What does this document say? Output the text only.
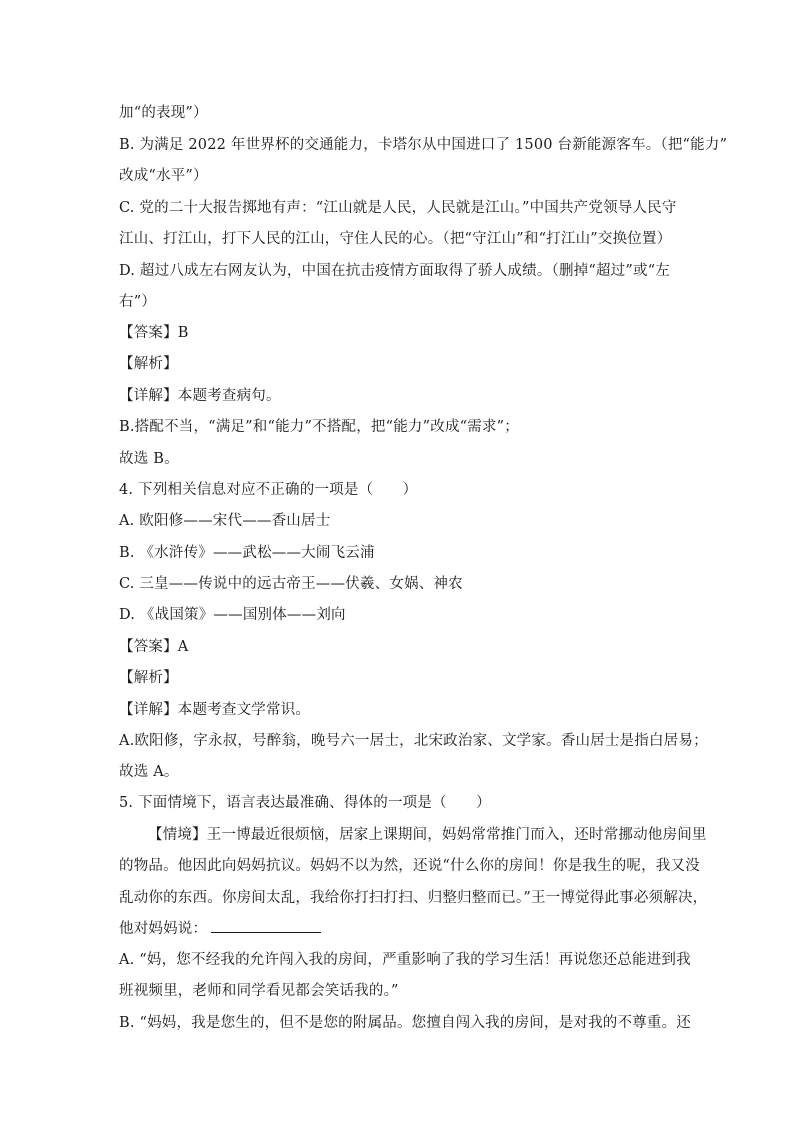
加“的表现”）
B. 为满足 2022 年世界杯的交通能力，卡塔尔从中国进口了 1500 台新能源客车。（把“能力”
改成“水平”）
C. 党的二十大报告掷地有声：“江山就是人民，人民就是江山。”中国共产党领导人民守
江山、打江山，打下人民的江山，守住人民的心。（把“守江山”和“打江山”交换位置）
D. 超过八成左右网友认为，中国在抗击疫情方面取得了骄人成绩。（删掉“超过”或“左
右”）
【答案】B
【解析】
【详解】本题考查病句。
B.搭配不当，“满足”和“能力”不搭配，把“能力”改成“需求”；
故选 B。
4. 下列相关信息对应不正确的一项是（　　）
A. 欧阳修——宋代——香山居士
B. 《水浒传》——武松——大闹飞云浦
C. 三皇——传说中的远古帝王——伏羲、女娲、神农
D. 《战国策》——国别体——刘向
【答案】A
【解析】
【详解】本题考查文学常识。
A.欧阳修，字永叔，号醉翁，晚号六一居士，北宋政治家、文学家。香山居士是指白居易；
故选 A。
5. 下面情境下，语言表达最准确、得体的一项是（　　）
【情境】王一博最近很烦恼，居家上课期间，妈妈常常推门而入，还时常挪动他房间里
的物品。他因此向妈妈抗议。妈妈不以为然，还说“什么你的房间！你是我生的呢，我又没
乱动你的东西。你房间太乱，我给你打扫打扫、归整归整而已。”王一博觉得此事必须解决，
他对妈妈说：
A. “妈，您不经我的允许闯入我的房间，严重影响了我的学习生活！再说您还总能进到我
班视频里，老师和同学看见都会笑话我的。”
B. “妈妈，我是您生的，但不是您的附属品。您擅自闯入我的房间，是对我的不尊重。还
